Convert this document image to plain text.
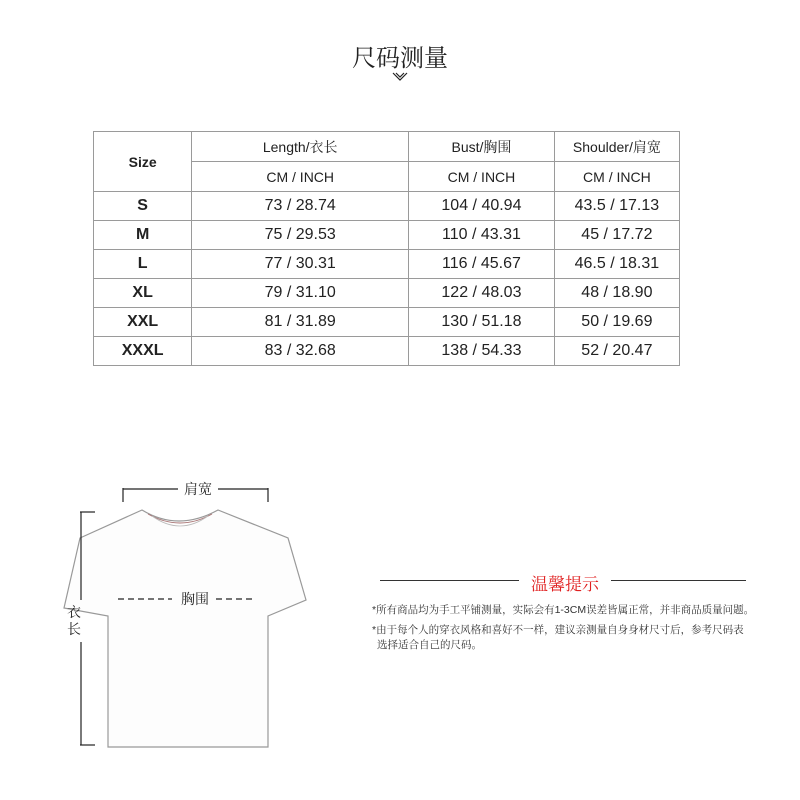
尺码测量
Size	Length/衣长	Bust/胸围	Shoulder/肩宽
	CM / INCH	CM / INCH	CM / INCH
S	73 / 28.74	104 / 40.94	43.5 / 17.13
M	75 / 29.53	110 / 43.31	45 / 17.72
L	77 / 30.31	116 / 45.67	46.5 / 18.31
XL	79 / 31.10	122 / 48.03	48 / 18.90
XXL	81 / 31.89	130 / 51.18	50 / 19.69
XXXL	83 / 32.68	138 / 54.33	52 / 20.47
肩宽
胸围
衣
长
温馨提示
*所有商品均为手工平铺测量，实际会有1-3CM误差皆属正常，并非商品质量问题。
*由于每个人的穿衣风格和喜好不一样，建议亲测量自身身材尺寸后，参考尺码表
选择适合自己的尺码。
